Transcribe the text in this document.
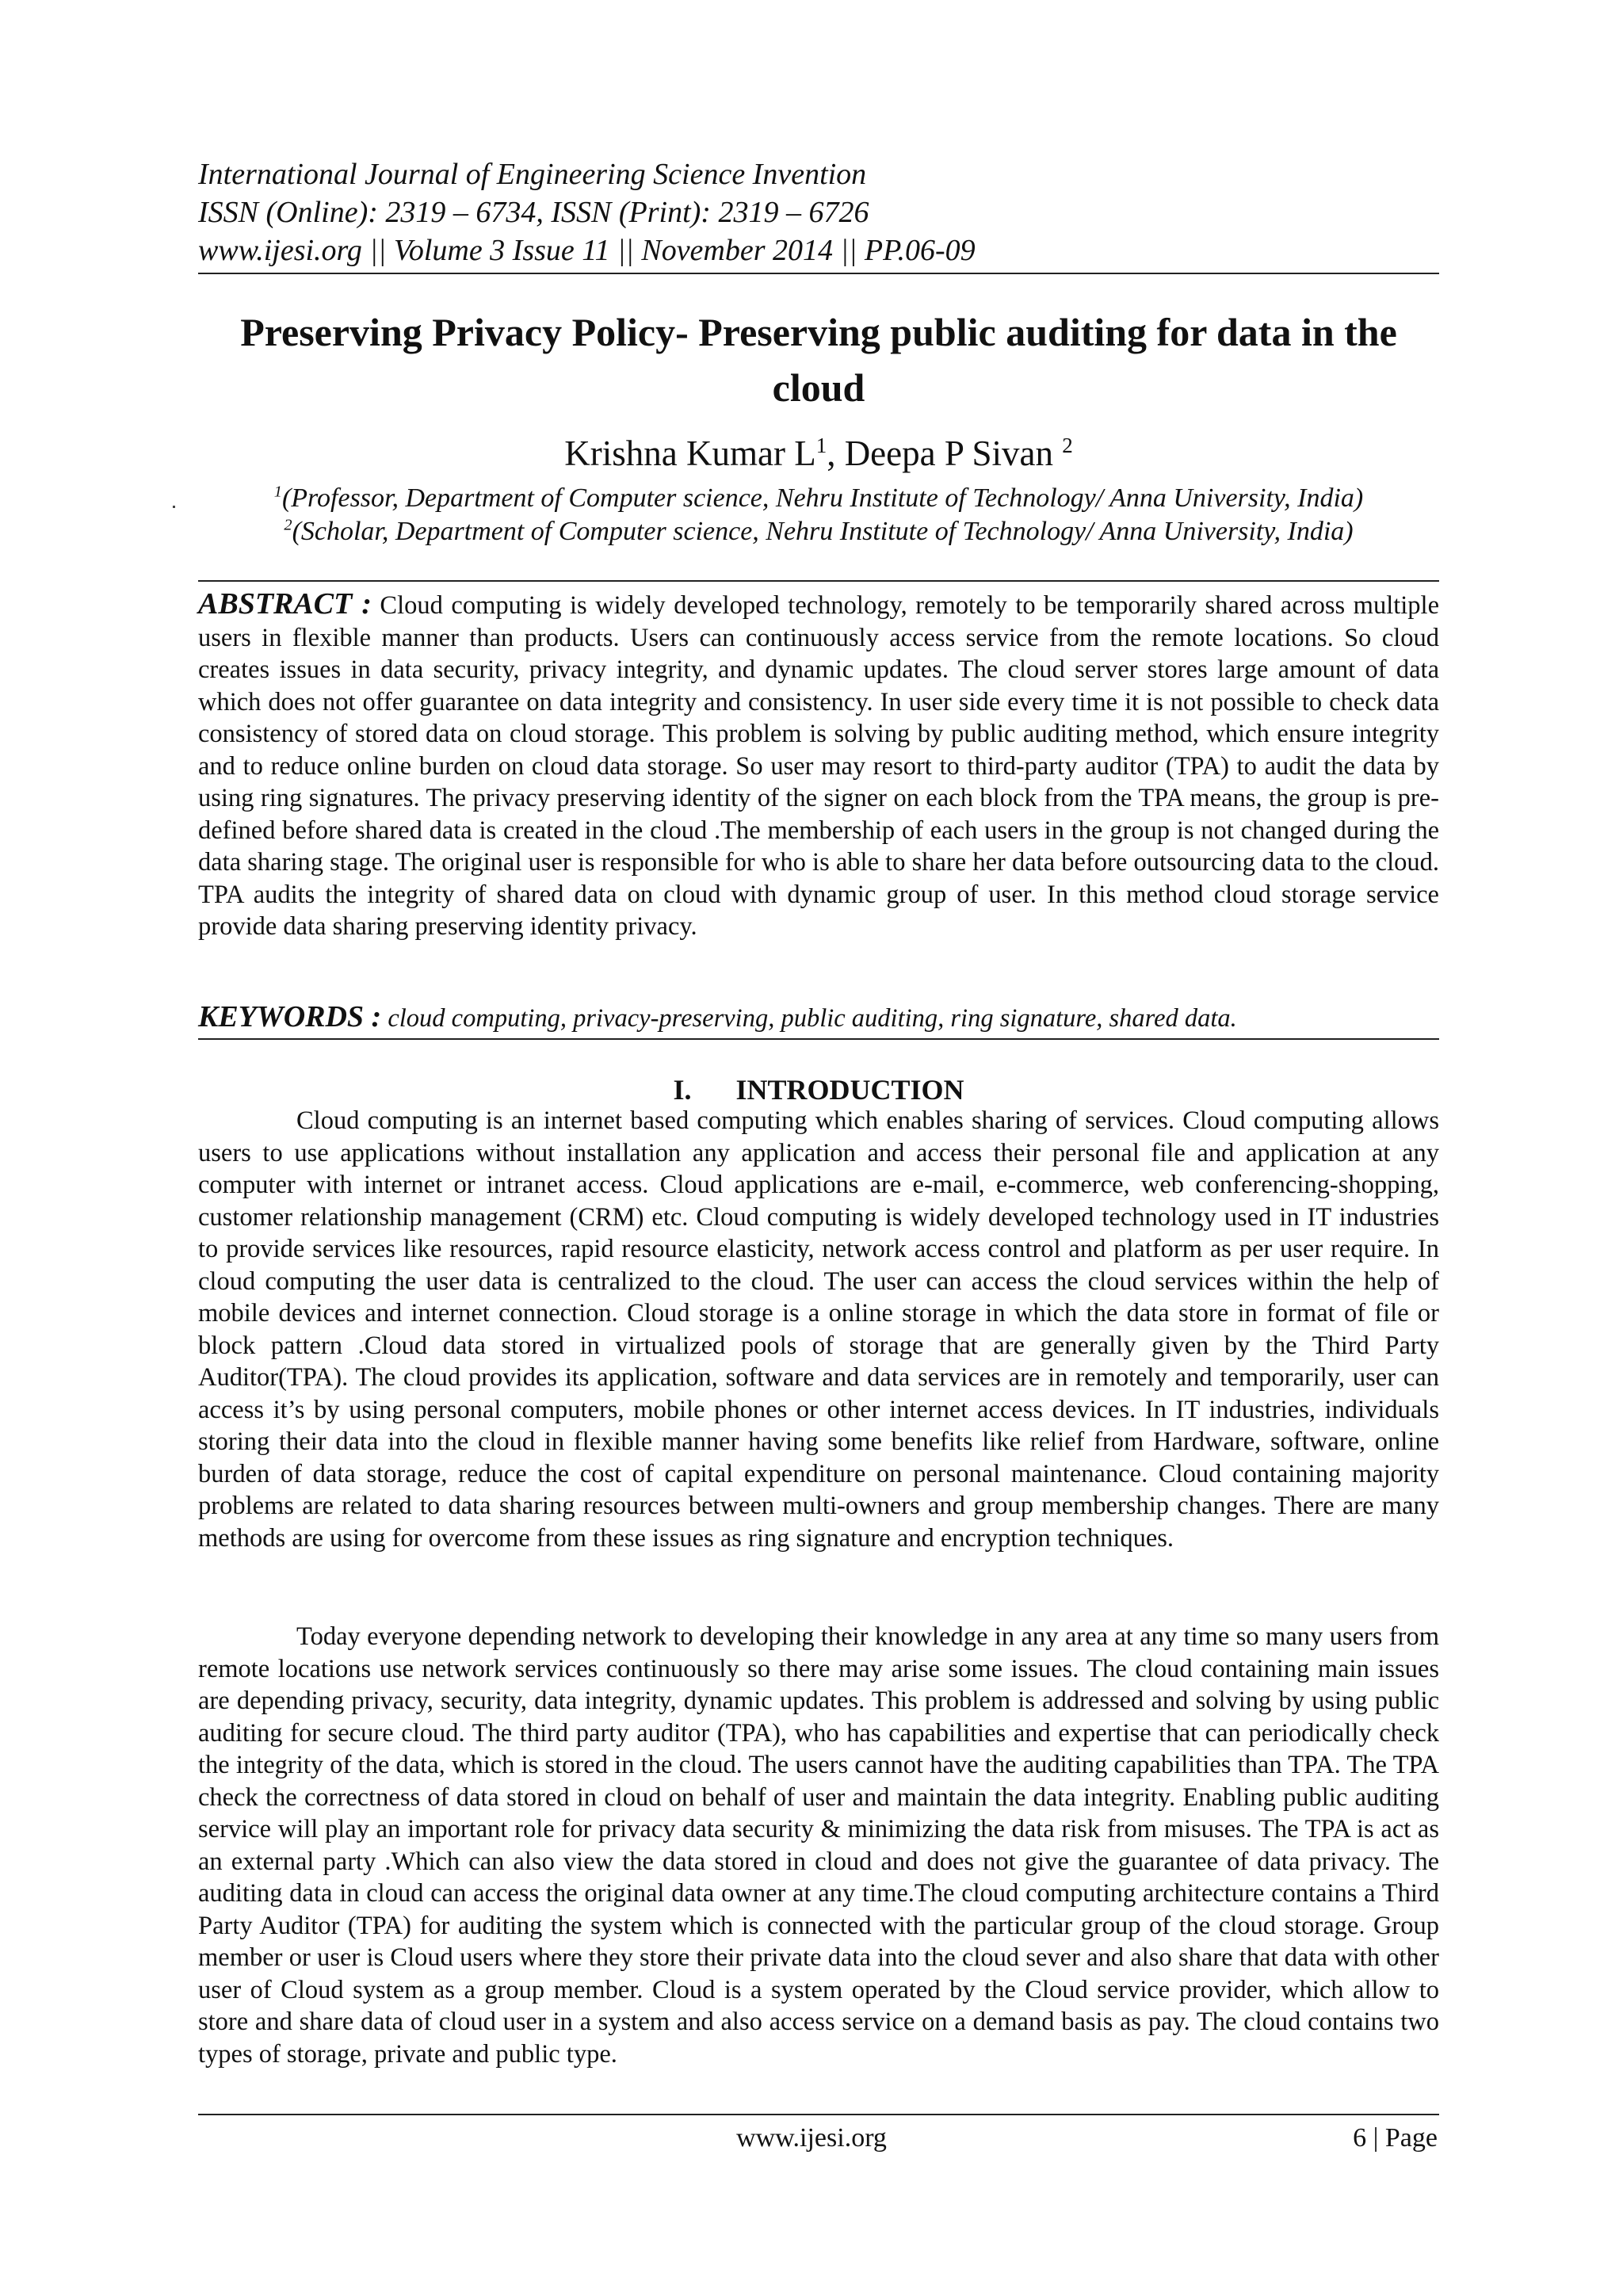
International Journal of Engineering Science Invention
ISSN (Online): 2319 – 6734, ISSN (Print): 2319 – 6726
www.ijesi.org || Volume 3 Issue 11 || November 2014 || PP.06-09
Preserving Privacy Policy- Preserving public auditing for data in the cloud
Krishna Kumar $L^1$, Deepa P Sivan $^2$
$^1$(Professor, Department of Computer science, Nehru Institute of Technology/ Anna University, India)
$^2$(Scholar, Department of Computer science, Nehru Institute of Technology/ Anna University, India)
ABSTRACT : Cloud computing is widely developed technology, remotely to be temporarily shared across multiple users in flexible manner than products. Users can continuously access service from the remote locations. So cloud creates issues in data security, privacy integrity, and dynamic updates. The cloud server stores large amount of data which does not offer guarantee on data integrity and consistency. In user side every time it is not possible to check data consistency of stored data on cloud storage. This problem is solving by public auditing method, which ensure integrity and to reduce online burden on cloud data storage. So user may resort to third-party auditor (TPA) to audit the data by using ring signatures. The privacy preserving identity of the signer on each block from the TPA means, the group is pre-defined before shared data is created in the cloud .The membership of each users in the group is not changed during the data sharing stage. The original user is responsible for who is able to share her data before outsourcing data to the cloud. TPA audits the integrity of shared data on cloud with dynamic group of user. In this method cloud storage service provide data sharing preserving identity privacy.
KEYWORDS : cloud computing, privacy-preserving, public auditing, ring signature, shared data.
I. INTRODUCTION
Cloud computing is an internet based computing which enables sharing of services. Cloud computing allows users to use applications without installation any application and access their personal file and application at any computer with internet or intranet access. Cloud applications are e-mail, e-commerce, web conferencing-shopping, customer relationship management (CRM) etc. Cloud computing is widely developed technology used in IT industries to provide services like resources, rapid resource elasticity, network access control and platform as per user require. In cloud computing the user data is centralized to the cloud. The user can access the cloud services within the help of mobile devices and internet connection. Cloud storage is a online storage in which the data store in format of file or block pattern .Cloud data stored in virtualized pools of storage that are generally given by the Third Party Auditor(TPA). The cloud provides its application, software and data services are in remotely and temporarily, user can access it’s by using personal computers, mobile phones or other internet access devices. In IT industries, individuals storing their data into the cloud in flexible manner having some benefits like relief from Hardware, software, online burden of data storage, reduce the cost of capital expenditure on personal maintenance. Cloud containing majority problems are related to data sharing resources between multi-owners and group membership changes. There are many methods are using for overcome from these issues as ring signature and encryption techniques.
Today everyone depending network to developing their knowledge in any area at any time so many users from remote locations use network services continuously so there may arise some issues. The cloud containing main issues are depending privacy, security, data integrity, dynamic updates. This problem is addressed and solving by using public auditing for secure cloud. The third party auditor (TPA), who has capabilities and expertise that can periodically check the integrity of the data, which is stored in the cloud. The users cannot have the auditing capabilities than TPA. The TPA check the correctness of data stored in cloud on behalf of user and maintain the data integrity. Enabling public auditing service will play an important role for privacy data security & minimizing the data risk from misuses. The TPA is act as an external party .Which can also view the data stored in cloud and does not give the guarantee of data privacy. The auditing data in cloud can access the original data owner at any time.The cloud computing architecture contains a Third Party Auditor (TPA) for auditing the system which is connected with the particular group of the cloud storage. Group member or user is Cloud users where they store their private data into the cloud sever and also share that data with other user of Cloud system as a group member. Cloud is a system operated by the Cloud service provider, which allow to store and share data of cloud user in a system and also access service on a demand basis as pay. The cloud contains two types of storage, private and public type.
www.ijesi.org	6 | Page
